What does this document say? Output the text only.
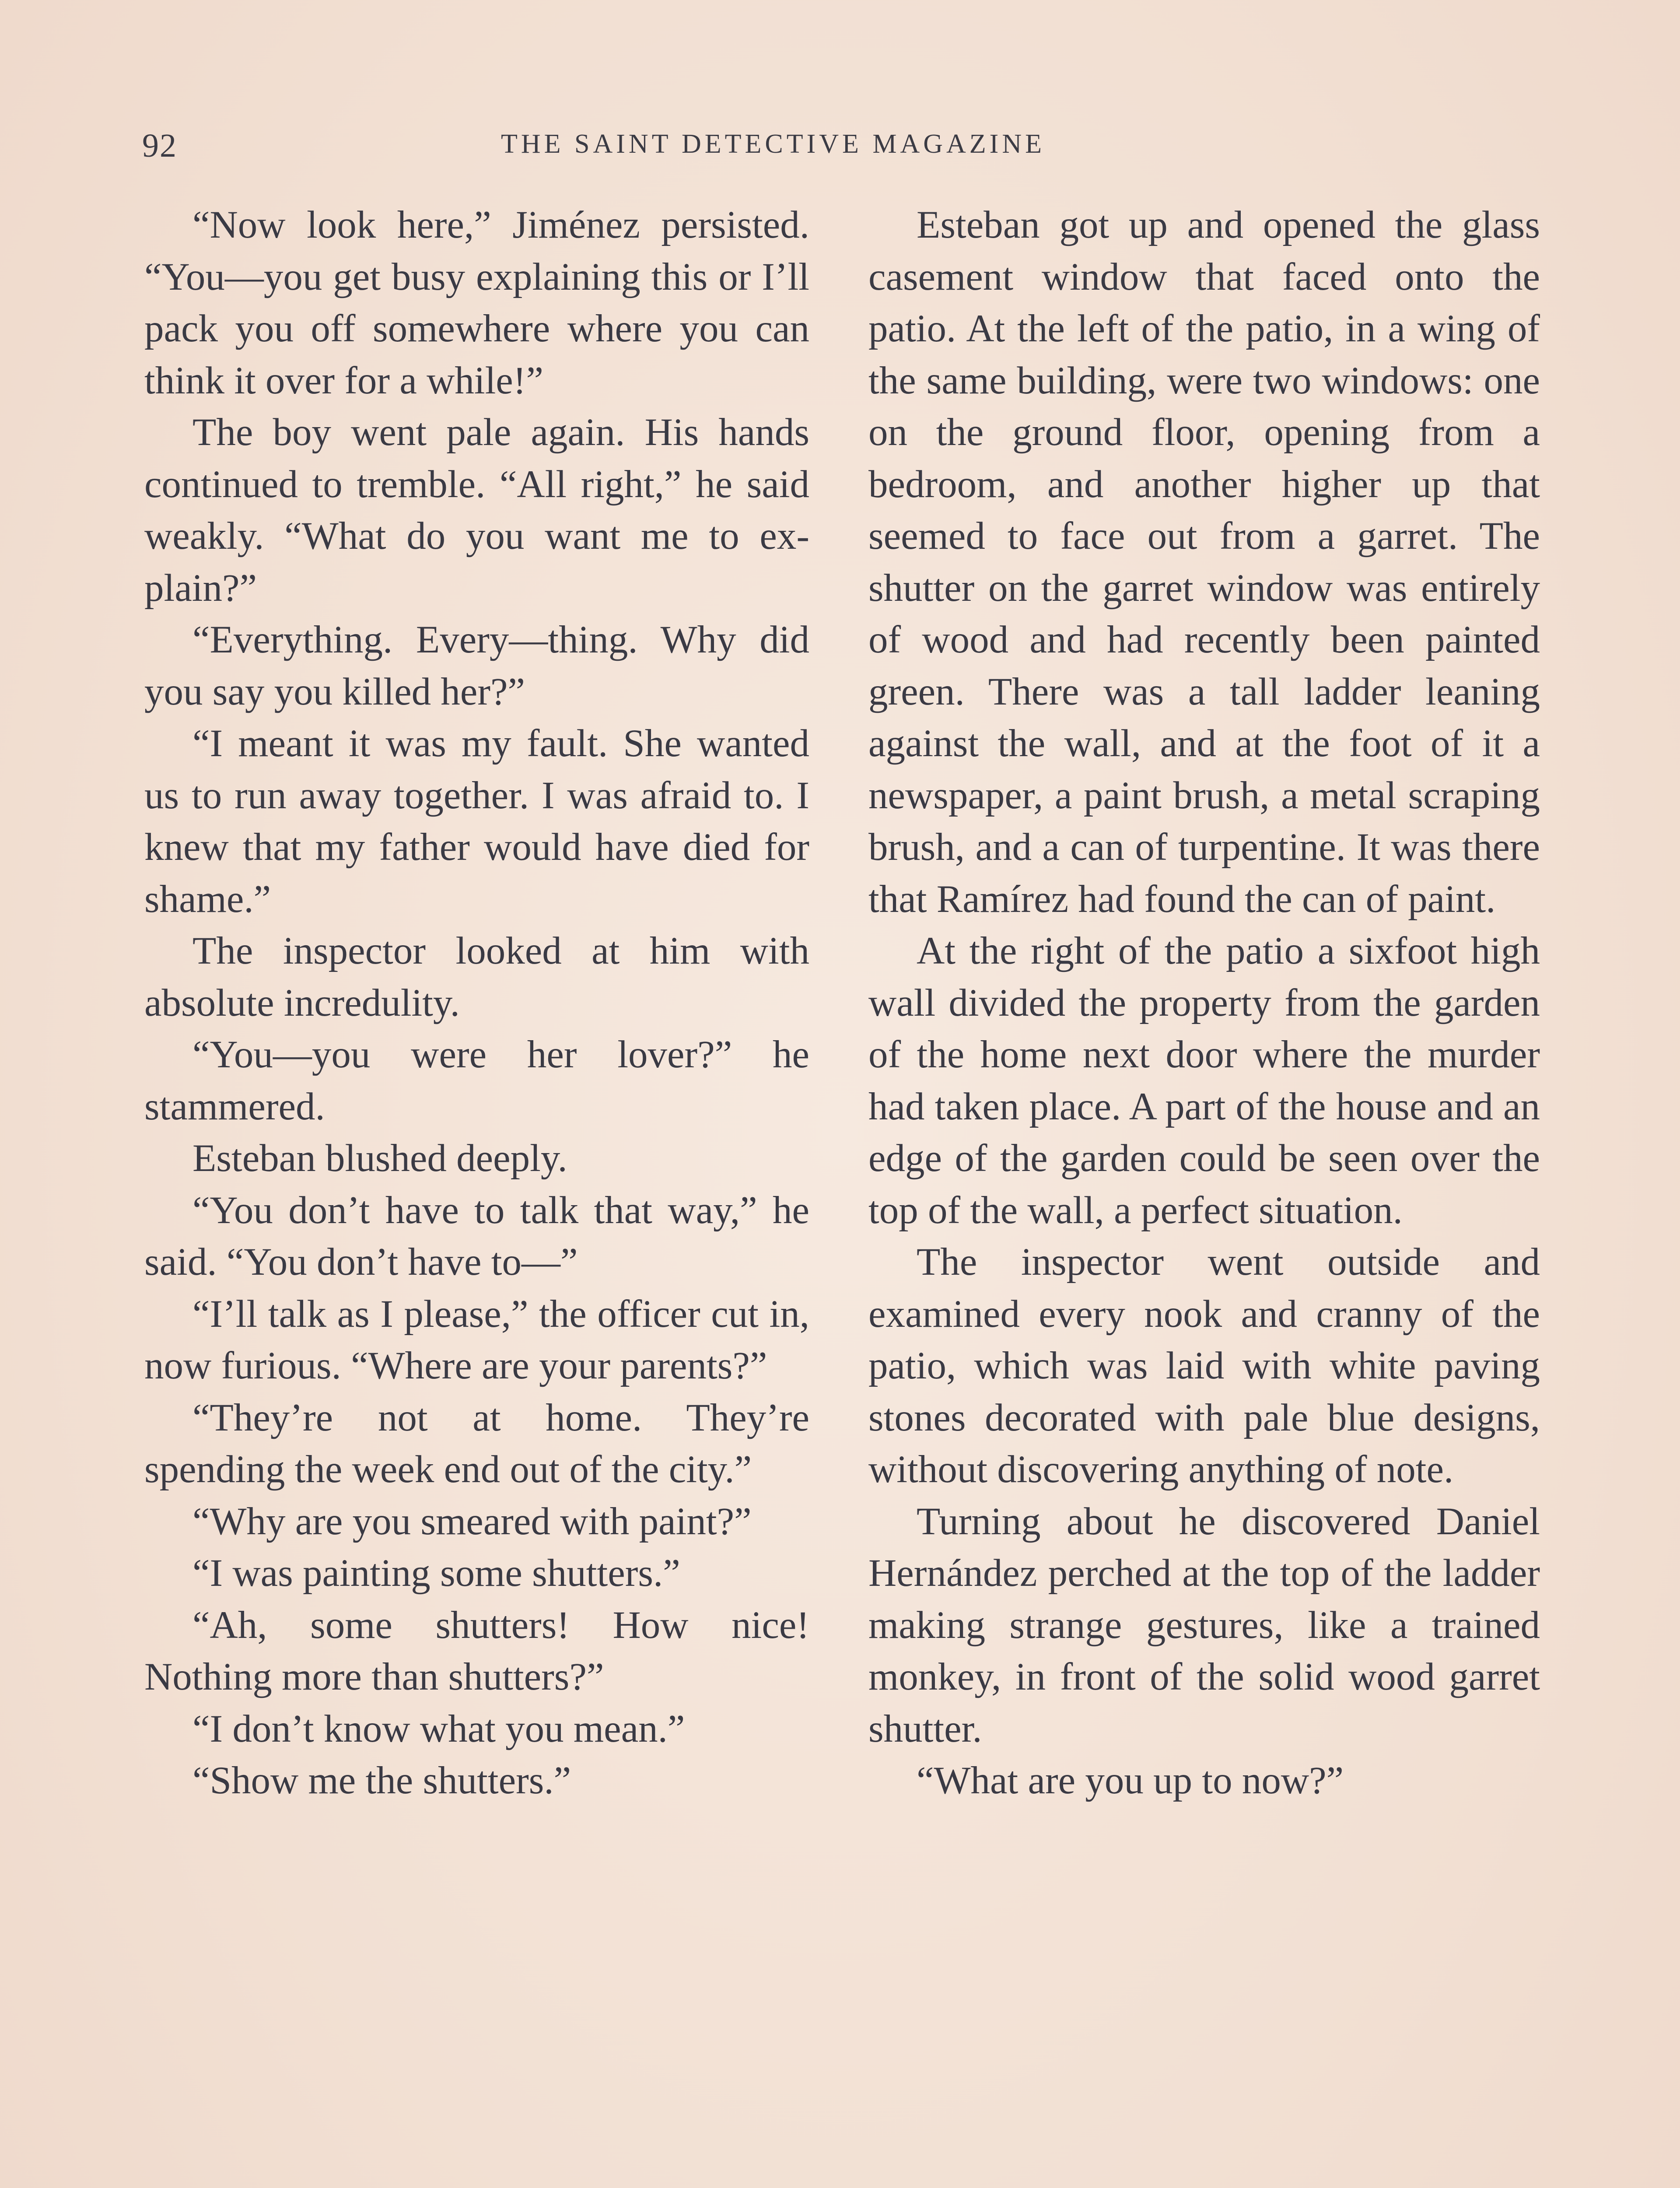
92	THE SAINT DETECTIVE MAGAZINE

“Now look here,” Jiménez persisted. “You—you get busy explaining this or I’ll pack you off somewhere where you can think it over for a while!”

The boy went pale again. His hands continued to tremble. “All right,” he said weakly. “What do you want me to explain?”

“Everything. Every—thing. Why did you say you killed her?”

“I meant it was my fault. She wanted us to run away together. I was afraid to. I knew that my father would have died for shame.”

The inspector looked at him with absolute incredulity.

“You—you were her lover?” he stammered.

Esteban blushed deeply.

“You don’t have to talk that way,” he said. “You don’t have to—”

“I’ll talk as I please,” the officer cut in, now furious. “Where are your parents?”

“They’re not at home. They’re spending the week end out of the city.”

“Why are you smeared with paint?”

“I was painting some shutters.”

“Ah, some shutters! How nice! Nothing more than shutters?”

“I don’t know what you mean.”

“Show me the shutters.”

Esteban got up and opened the glass casement window that faced onto the patio. At the left of the patio, in a wing of the same building, were two windows: one on the ground floor, opening from a bedroom, and another higher up that seemed to face out from a garret. The shutter on the garret window was entirely of wood and had recently been painted green. There was a tall ladder leaning against the wall, and at the foot of it a newspaper, a paint brush, a metal scraping brush, and a can of turpentine. It was there that Ramírez had found the can of paint.

At the right of the patio a sixfoot high wall divided the property from the garden of the home next door where the murder had taken place. A part of the house and an edge of the garden could be seen over the top of the wall, a perfect situation.

The inspector went outside and examined every nook and cranny of the patio, which was laid with white paving stones decorated with pale blue designs, without discovering anything of note.

Turning about he discovered Daniel Hernández perched at the top of the ladder making strange gestures, like a trained monkey, in front of the solid wood garret shutter.

“What are you up to now?”
